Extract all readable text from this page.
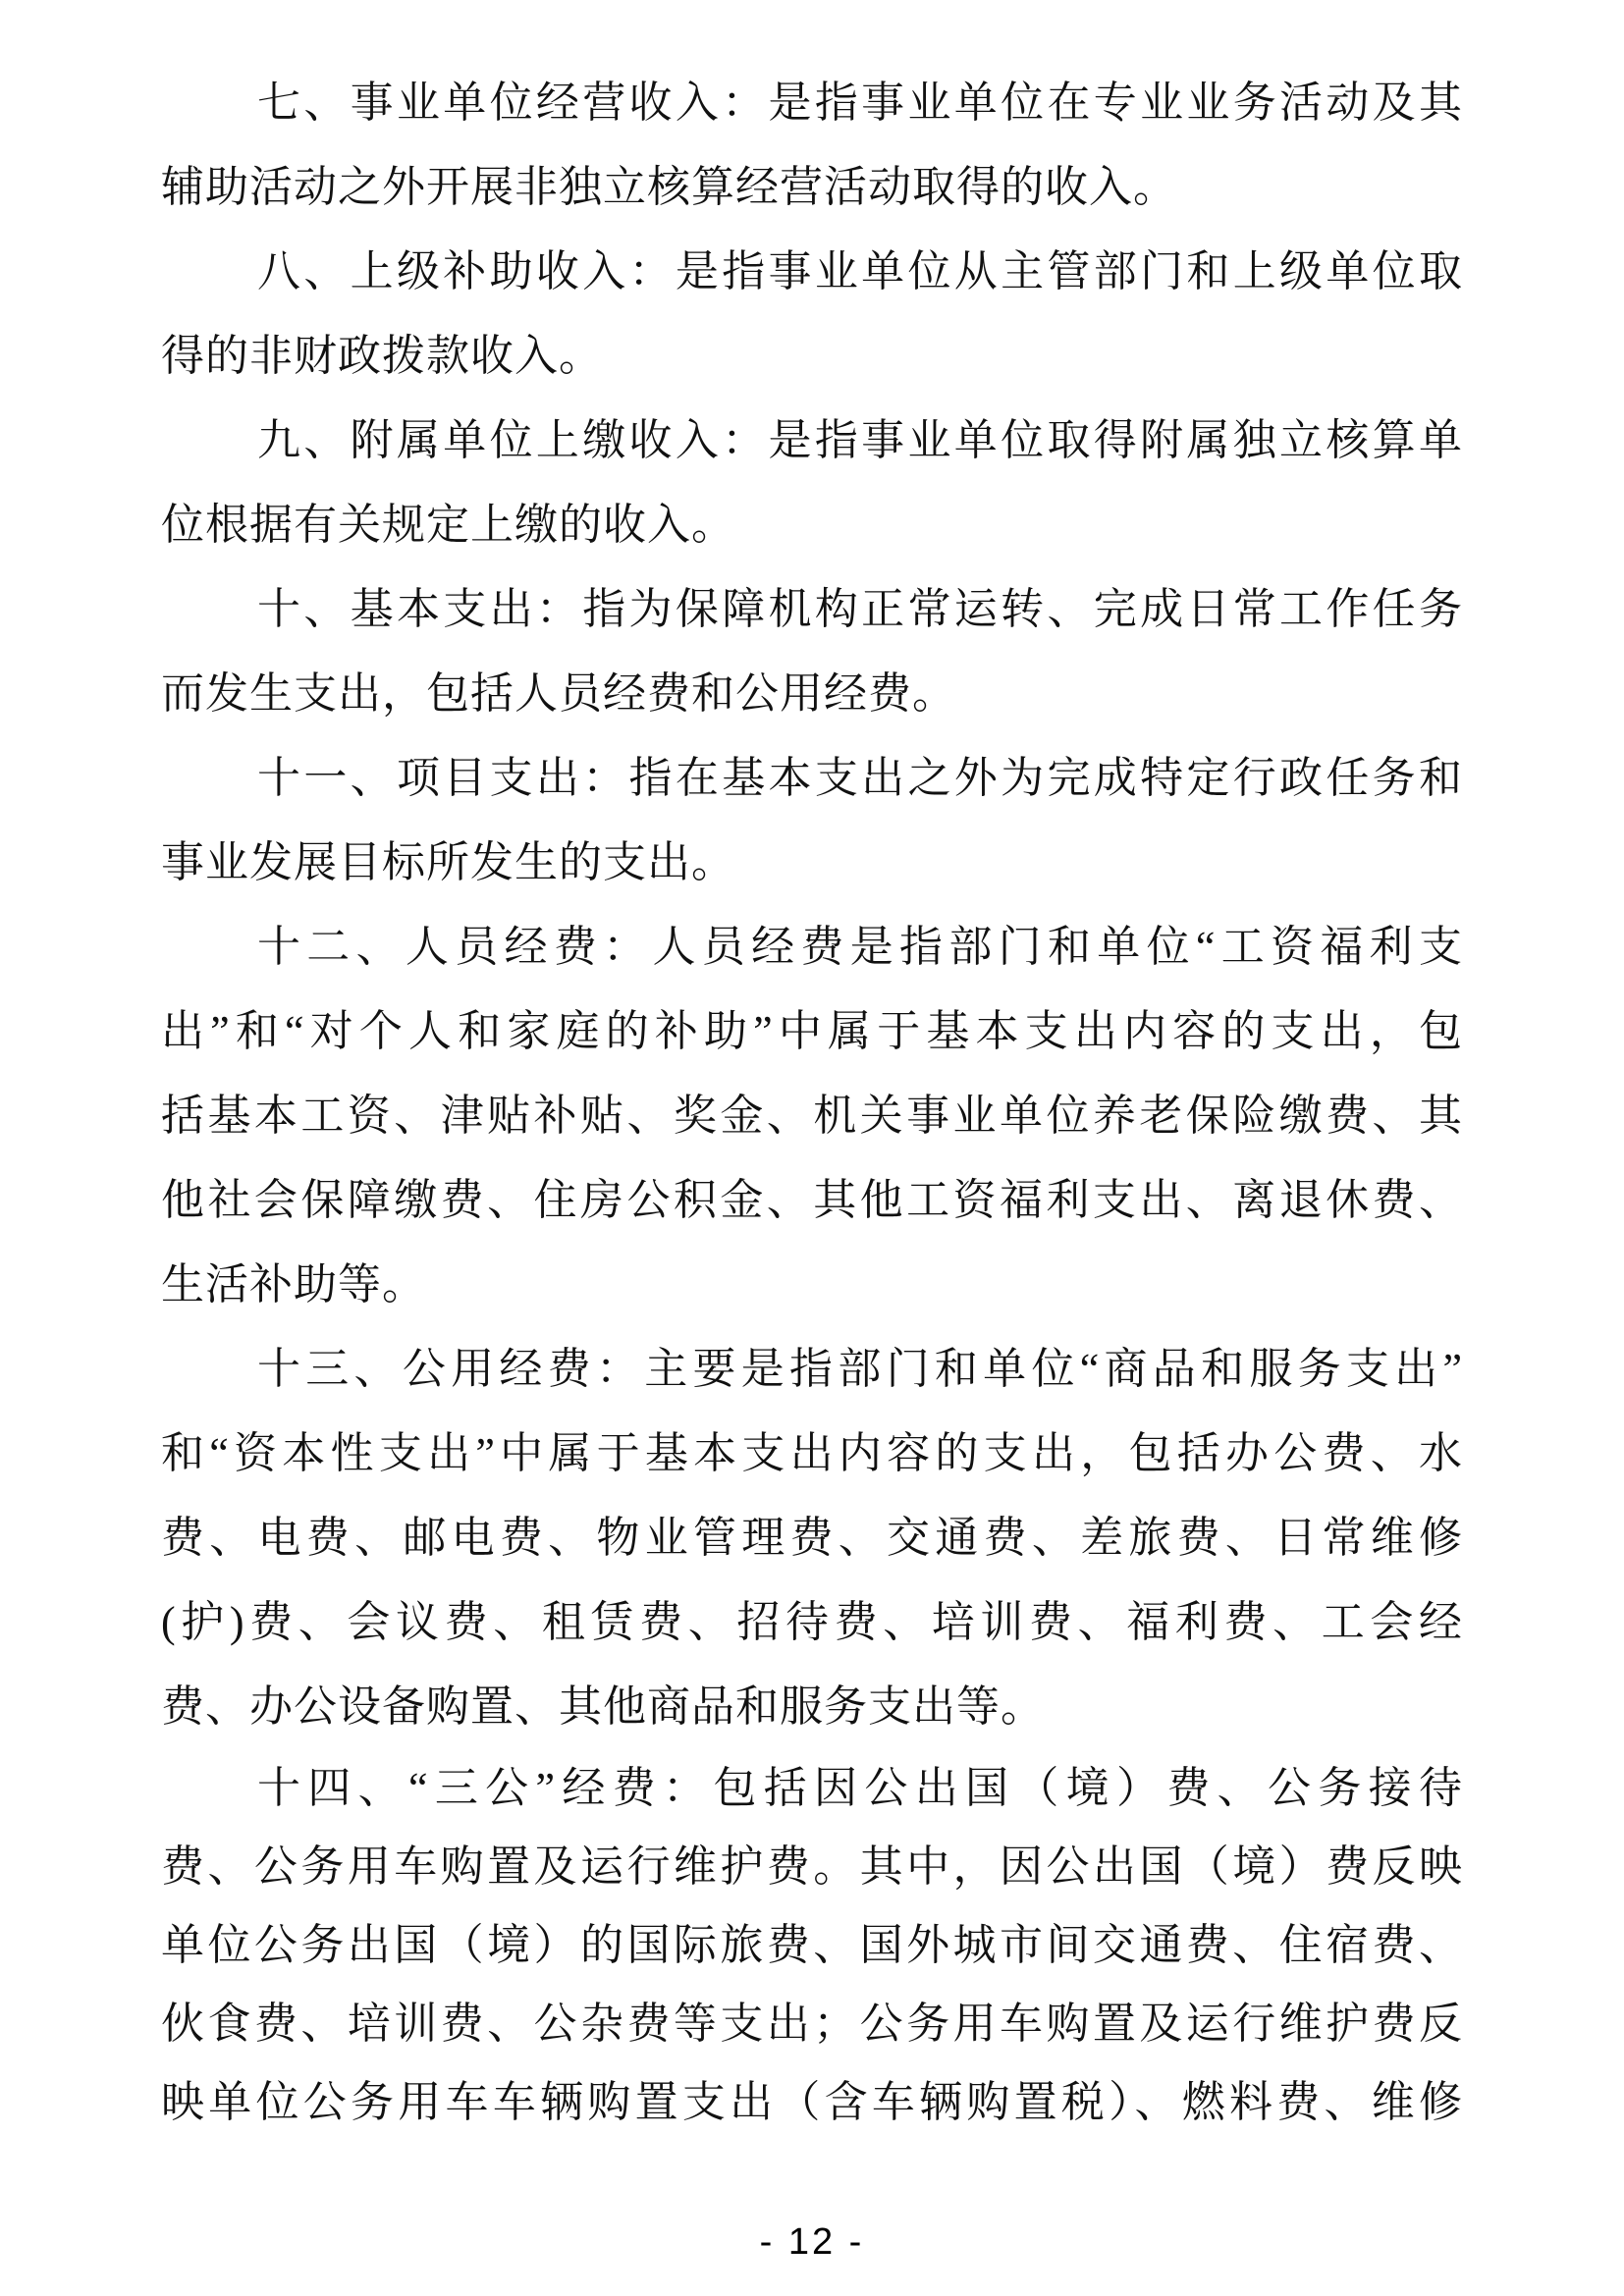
七、事业单位经营收入：是指事业单位在专业业务活动及其
辅助活动之外开展非独立核算经营活动取得的收入。
八、上级补助收入：是指事业单位从主管部门和上级单位取
得的非财政拨款收入。
九、附属单位上缴收入：是指事业单位取得附属独立核算单
位根据有关规定上缴的收入。
十、基本支出：指为保障机构正常运转、完成日常工作任务
而发生支出，包括人员经费和公用经费。
十一、项目支出：指在基本支出之外为完成特定行政任务和
事业发展目标所发生的支出。
十二、人员经费：人员经费是指部门和单位“工资福利支
出”和“对个人和家庭的补助”中属于基本支出内容的支出，包
括基本工资、津贴补贴、奖金、机关事业单位养老保险缴费、其
他社会保障缴费、住房公积金、其他工资福利支出、离退休费、
生活补助等。
十三、公用经费：主要是指部门和单位“商品和服务支出”
和“资本性支出”中属于基本支出内容的支出，包括办公费、水
费、电费、邮电费、物业管理费、交通费、差旅费、日常维修
(护)费、会议费、租赁费、招待费、培训费、福利费、工会经
费、办公设备购置、其他商品和服务支出等。
十四、“三公”经费：包括因公出国（境）费、公务接待
费、公务用车购置及运行维护费。其中，因公出国（境）费反映
单位公务出国（境）的国际旅费、国外城市间交通费、住宿费、
伙食费、培训费、公杂费等支出；公务用车购置及运行维护费反
映单位公务用车车辆购置支出（含车辆购置税）、燃料费、维修
- 12 -
